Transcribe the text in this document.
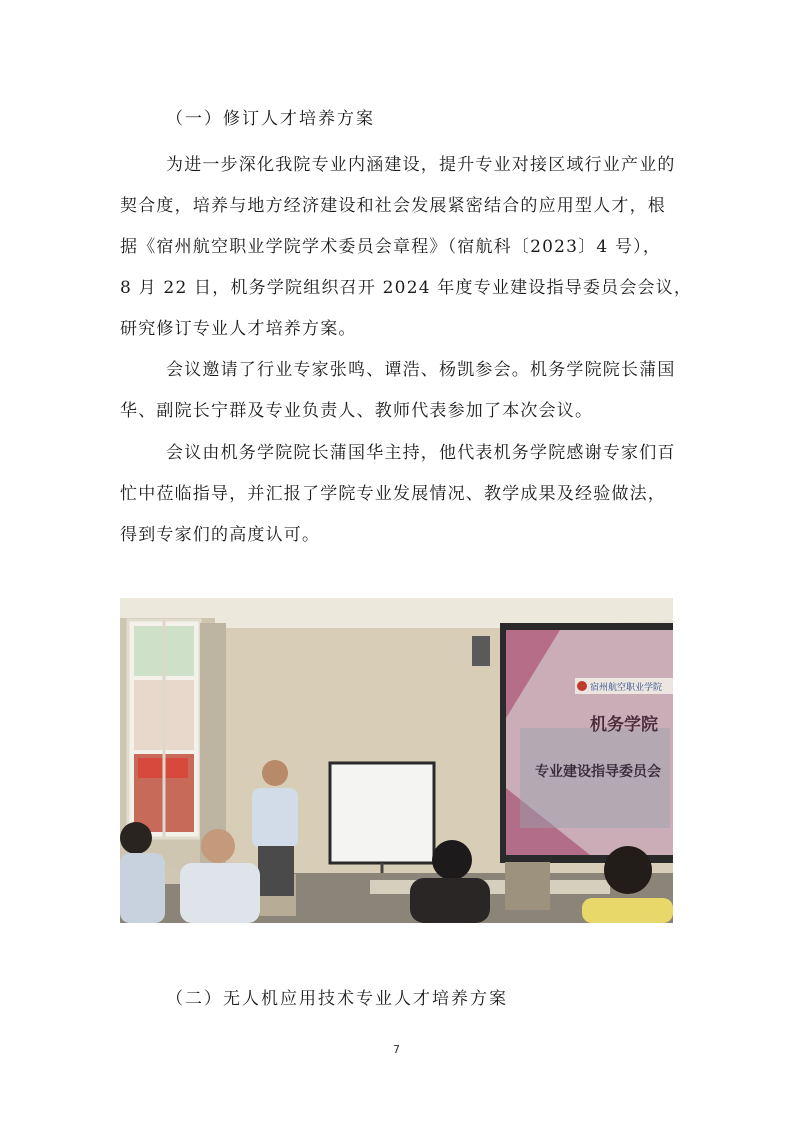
（一）修订人才培养方案
为进一步深化我院专业内涵建设，提升专业对接区域行业产业的
契合度，培养与地方经济建设和社会发展紧密结合的应用型人才，根
据《宿州航空职业学院学术委员会章程》（宿航科〔2023〕4 号），
8 月 22 日，机务学院组织召开 2024 年度专业建设指导委员会会议，
研究修订专业人才培养方案。
会议邀请了行业专家张鸣、谭浩、杨凯参会。机务学院院长蒲国
华、副院长宁群及专业负责人、教师代表参加了本次会议。
会议由机务学院院长蒲国华主持，他代表机务学院感谢专家们百
忙中莅临指导，并汇报了学院专业发展情况、教学成果及经验做法，
得到专家们的高度认可。
宿州航空职业学院
机务学院
专业建设指导委员会
（二）无人机应用技术专业人才培养方案
7
